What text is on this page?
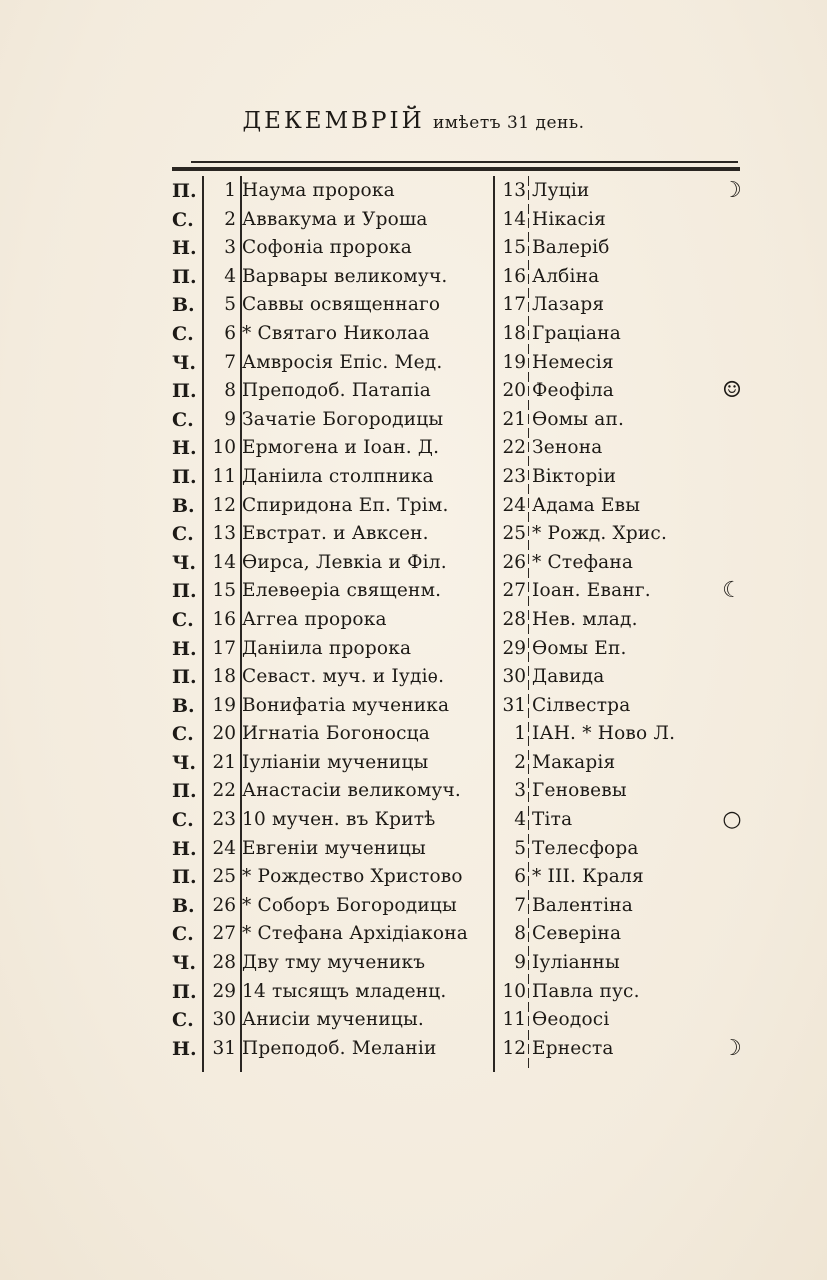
ДЕКЕМВРІЙ имѣетъ 31 день.
П.	1 Наума пророка	13 Луціи	☽
С.	2 Аввакума и Урошa	14 Нікасія
Н.	3 Софоніа пророка	15 Валеріб
П.	4 Варвары великомуч.	16 Албіна
В.	5 Саввы освященнаго	17 Лазаря
С.	6 * Святаго Николаа	18 Граціана
Ч.	7 Амвросія Епіс. Мед.	19 Немесія
П.	8 Преподоб. Патапіа	20 Феофіла	☺
С.	9 Зачатіе Богородицы	21 Ѳомы ап.
Н. 10 Ермогена и Іоан. Д.	22 Зенона
П. 11 Даніила столпника	23 Вікторіи
В. 12 Спиридона Еп. Трім.	24 Адама Евы
С.	13 Евстрат. и Авксен.	25 * Рожд. Хрис.
Ч. 14 Ѳирса, Левкіа и Філ.	26 * Стефана
П. 15 Елевѳеріа священм.	27 Іоан. Еванг.	☾
С.	16 Аггеа пророка	28 Нев. млад.
Н. 17 Даніила пророка	29 Ѳомы Еп.
П. 18 Севаст. муч. и Іудіѳ.	30 Давида
В. 19 Вонифатіа мученика	31 Сілвестра
С.	20 Игнатіа Богоносца	1 IАН. * Ново Л.
Ч. 21 Іуліаніи мученицы	2 Макарія
П. 22 Анастасіи великомуч.	3 Геновевы
С.	23 10 мучен. въ Критѣ	4 Тіта	○
Н. 24 Евгеніи мученицы	5 Телесфора
П. 25 * Рождество Христово	6 * III. Краля
В. 26 * Соборъ Богородицы	7 Валентіна
С.	27 * Стефана Архідіакона	8 Северіна
Ч. 28 Дву тму мученикъ	9 Іуліанны
П. 29 14 тысящъ младенц.	10 Павла пус.
С.	30 Анисіи мученицы.	11 Ѳеодосі
Н. 31 Преподоб. Меланіи	12 Ернеста	☽
